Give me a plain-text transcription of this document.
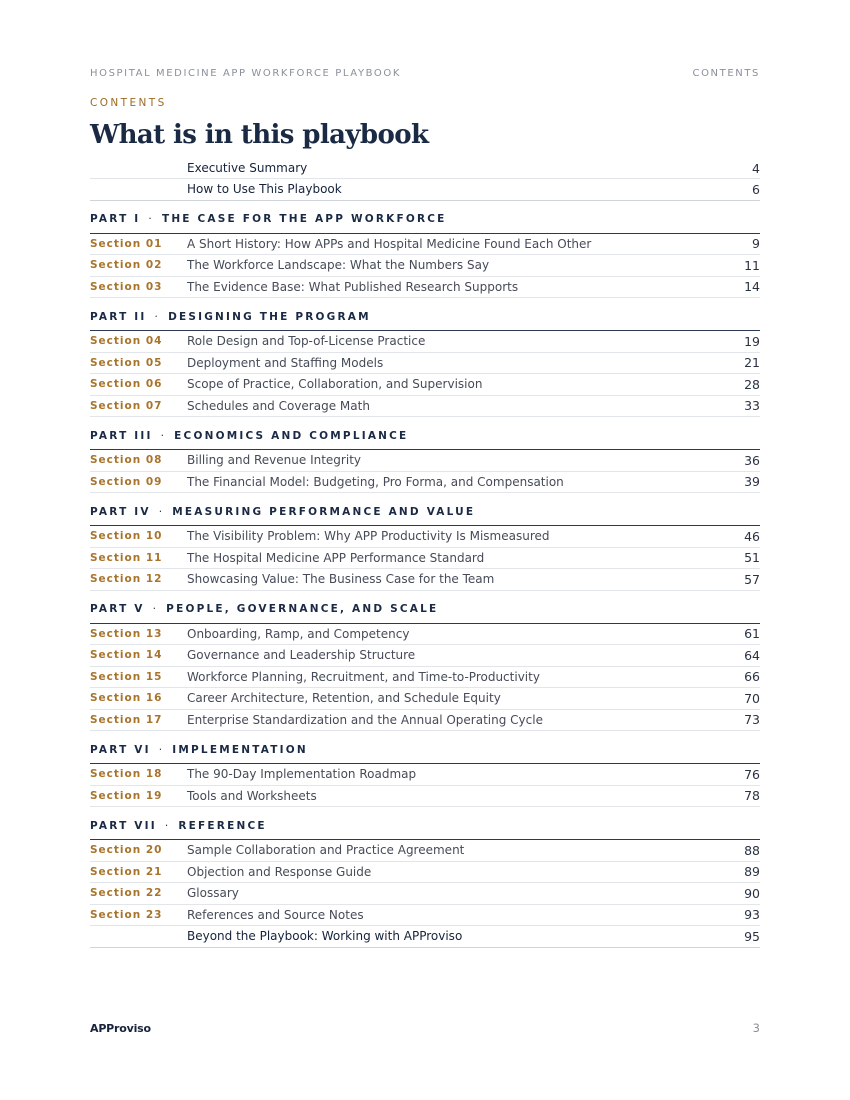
HOSPITAL MEDICINE APP WORKFORCE PLAYBOOK	CONTENTS
CONTENTS
What is in this playbook
Executive Summary	4
How to Use This Playbook	6
PART I · THE CASE FOR THE APP WORKFORCE
Section 01	A Short History: How APPs and Hospital Medicine Found Each Other	9
Section 02	The Workforce Landscape: What the Numbers Say	11
Section 03	The Evidence Base: What Published Research Supports	14
PART II · DESIGNING THE PROGRAM
Section 04	Role Design and Top-of-License Practice	19
Section 05	Deployment and Staffing Models	21
Section 06	Scope of Practice, Collaboration, and Supervision	28
Section 07	Schedules and Coverage Math	33
PART III · ECONOMICS AND COMPLIANCE
Section 08	Billing and Revenue Integrity	36
Section 09	The Financial Model: Budgeting, Pro Forma, and Compensation	39
PART IV · MEASURING PERFORMANCE AND VALUE
Section 10	The Visibility Problem: Why APP Productivity Is Mismeasured	46
Section 11	The Hospital Medicine APP Performance Standard	51
Section 12	Showcasing Value: The Business Case for the Team	57
PART V · PEOPLE, GOVERNANCE, AND SCALE
Section 13	Onboarding, Ramp, and Competency	61
Section 14	Governance and Leadership Structure	64
Section 15	Workforce Planning, Recruitment, and Time-to-Productivity	66
Section 16	Career Architecture, Retention, and Schedule Equity	70
Section 17	Enterprise Standardization and the Annual Operating Cycle	73
PART VI · IMPLEMENTATION
Section 18	The 90-Day Implementation Roadmap	76
Section 19	Tools and Worksheets	78
PART VII · REFERENCE
Section 20	Sample Collaboration and Practice Agreement	88
Section 21	Objection and Response Guide	89
Section 22	Glossary	90
Section 23	References and Source Notes	93
Beyond the Playbook: Working with APProviso	95
APProviso	3
